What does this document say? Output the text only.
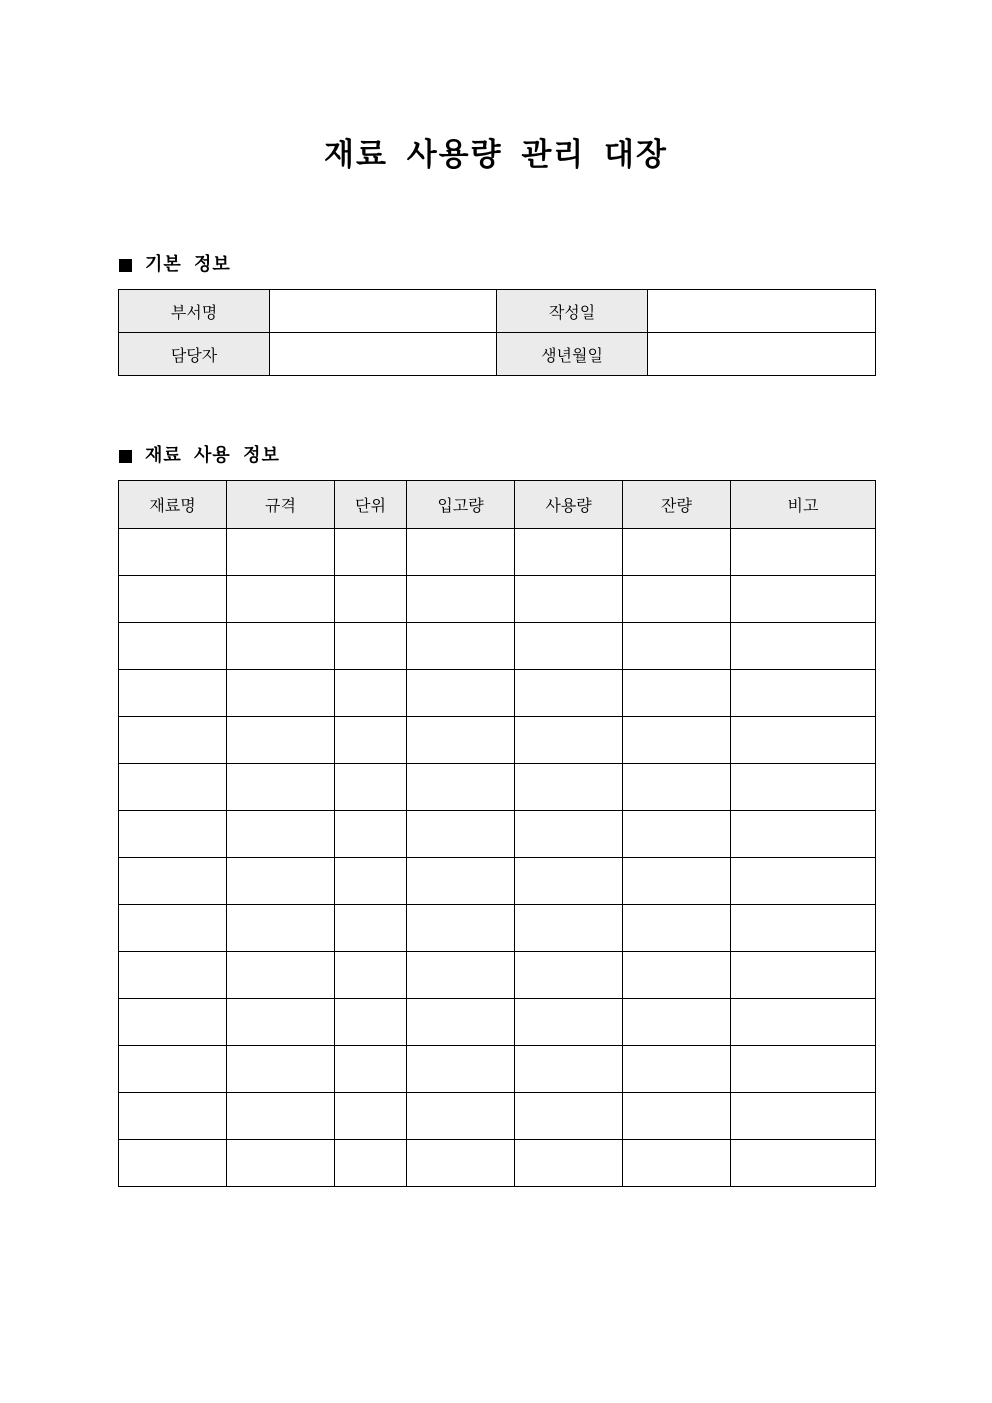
재료 사용량 관리 대장
기본 정보
부서명		작성일	
담당자		생년월일	
재료 사용 정보
재료명	규격	단위	입고량	사용량	잔량	비고
